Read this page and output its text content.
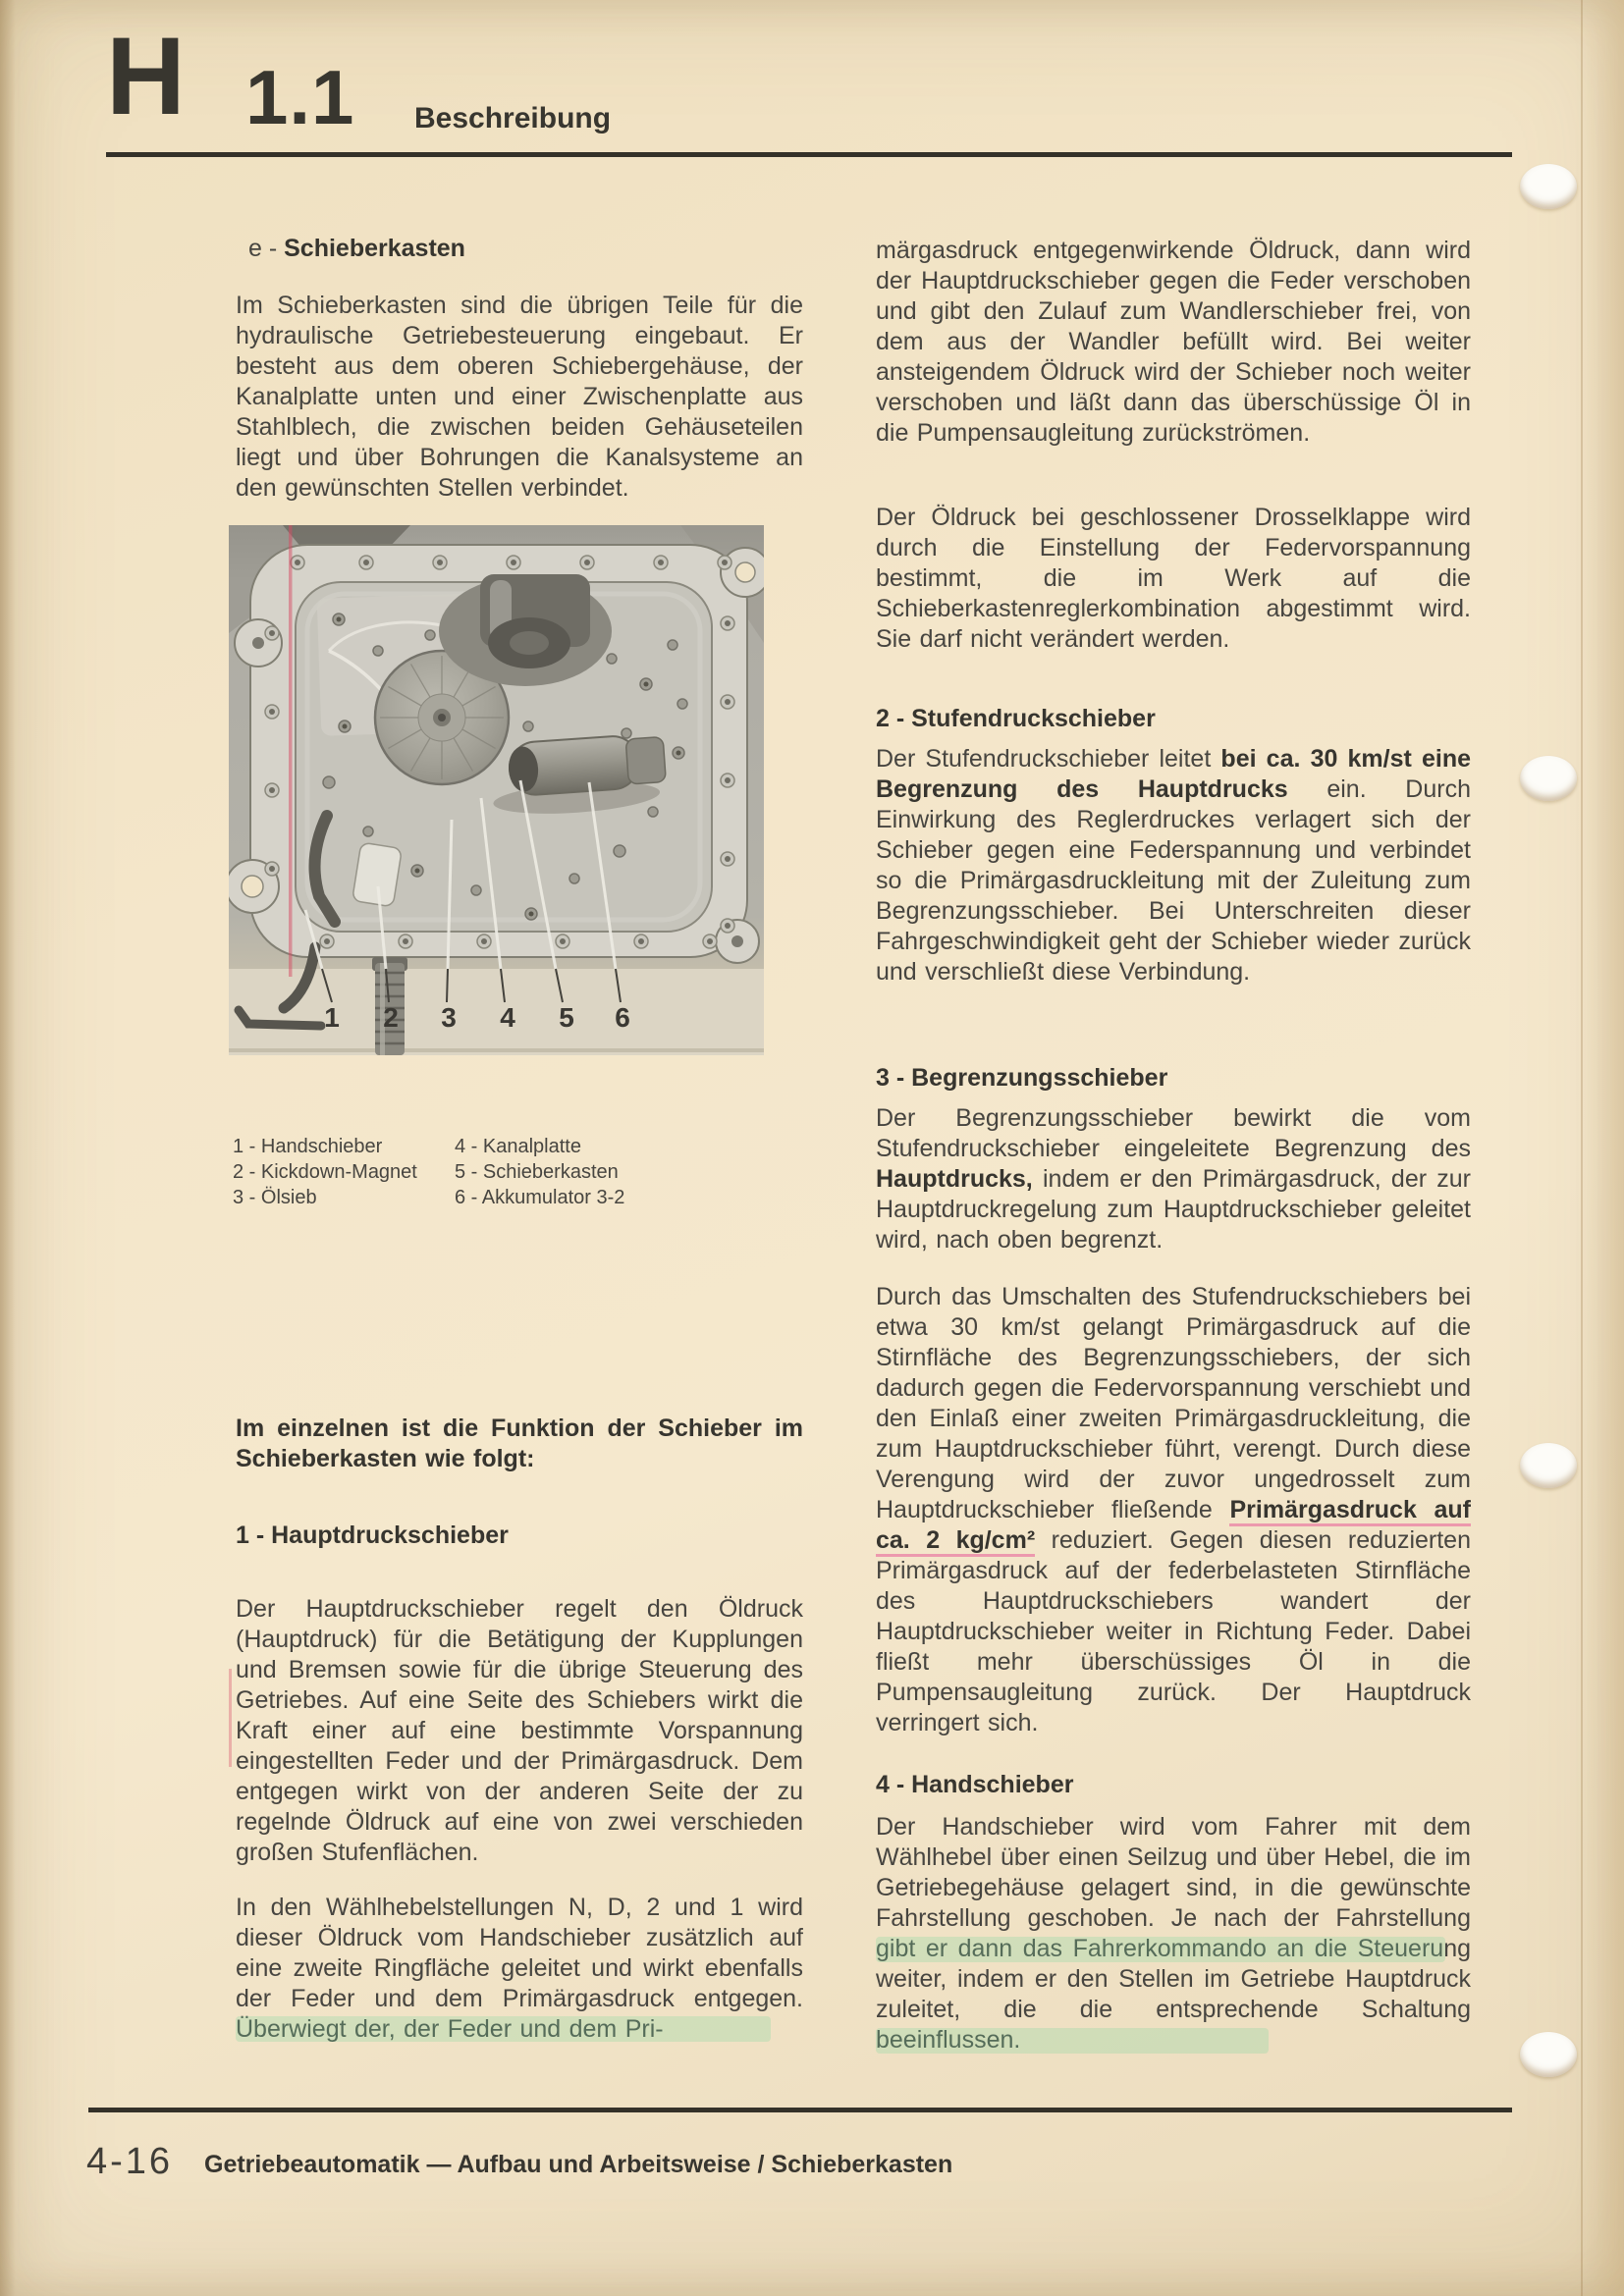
H 1.1 Beschreibung
e - Schieberkasten

Im Schieberkasten sind die übrigen Teile für die hydraulische Getriebesteuerung eingebaut. Er besteht aus dem oberen Schiebergehäuse, der Kanalplatte unten und einer Zwischenplatte aus Stahlblech, die zwischen beiden Gehäuseteilen liegt und über Bohrungen die Kanalsysteme an den gewünschten Stellen verbindet.

1 2 3 4 5 6
1 - Handschieber
2 - Kickdown-Magnet
3 - Ölsieb
4 - Kanalplatte
5 - Schieberkasten
6 - Akkumulator 3-2

Im einzelnen ist die Funktion der Schieber im Schieberkasten wie folgt:

1 - Hauptdruckschieber

Der Hauptdruckschieber regelt den Öldruck (Hauptdruck) für die Betätigung der Kupplungen und Bremsen sowie für die übrige Steuerung des Getriebes. Auf eine Seite des Schiebers wirkt die Kraft einer auf eine bestimmte Vorspannung eingestellten Feder und der Primärgasdruck. Dem entgegen wirkt von der anderen Seite der zu regelnde Öldruck auf eine von zwei verschieden großen Stufenflächen.

In den Wählhebelstellungen N, D, 2 und 1 wird dieser Öldruck vom Handschieber zusätzlich auf eine zweite Ringfläche geleitet und wirkt ebenfalls der Feder und dem Primärgasdruck entgegen. Überwiegt der, der Feder und dem Pri-

märgasdruck entgegenwirkende Öldruck, dann wird der Hauptdruckschieber gegen die Feder verschoben und gibt den Zulauf zum Wandlerschieber frei, von dem aus der Wandler befüllt wird. Bei weiter ansteigendem Öldruck wird der Schieber noch weiter verschoben und läßt dann das überschüssige Öl in die Pumpensaugleitung zurückströmen.

Der Öldruck bei geschlossener Drosselklappe wird durch die Einstellung der Federvorspannung bestimmt, die im Werk auf die Schieberkastenreglerkombination abgestimmt wird. Sie darf nicht verändert werden.

2 - Stufendruckschieber

Der Stufendruckschieber leitet bei ca. 30 km/st eine Begrenzung des Hauptdrucks ein. Durch Einwirkung des Reglerdruckes verlagert sich der Schieber gegen eine Federspannung und verbindet so die Primärgasdruckleitung mit der Zuleitung zum Begrenzungsschieber. Bei Unterschreiten dieser Fahrgeschwindigkeit geht der Schieber wieder zurück und verschließt diese Verbindung.

3 - Begrenzungsschieber

Der Begrenzungsschieber bewirkt die vom Stufendruckschieber eingeleitete Begrenzung des Hauptdrucks, indem er den Primärgasdruck, der zur Hauptdruckregelung zum Hauptdruckschieber geleitet wird, nach oben begrenzt.

Durch das Umschalten des Stufendruckschiebers bei etwa 30 km/st gelangt Primärgasdruck auf die Stirnfläche des Begrenzungsschiebers, der sich dadurch gegen die Federvorspannung verschiebt und den Einlaß einer zweiten Primärgasdruckleitung, die zum Hauptdruckschieber führt, verengt. Durch diese Verengung wird der zuvor ungedrosselt zum Hauptdruckschieber fließende Primärgasdruck auf ca. 2 kg/cm² reduziert. Gegen diesen reduzierten Primärgasdruck auf der federbelasteten Stirnfläche des Hauptdruckschiebers wandert der Hauptdruckschieber weiter in Richtung Feder. Dabei fließt mehr überschüssiges Öl in die Pumpensaugleitung zurück. Der Hauptdruck verringert sich.

4 - Handschieber

Der Handschieber wird vom Fahrer mit dem Wählhebel über einen Seilzug und über Hebel, die im Getriebegehäuse gelagert sind, in die gewünschte Fahrstellung geschoben. Je nach der Fahrstellung gibt er dann das Fahrerkommando an die Steuerung weiter, indem er den Stellen im Getriebe Hauptdruck zuleitet, die die entsprechende Schaltung beeinflussen.

4-16 Getriebeautomatik — Aufbau und Arbeitsweise / Schieberkasten
